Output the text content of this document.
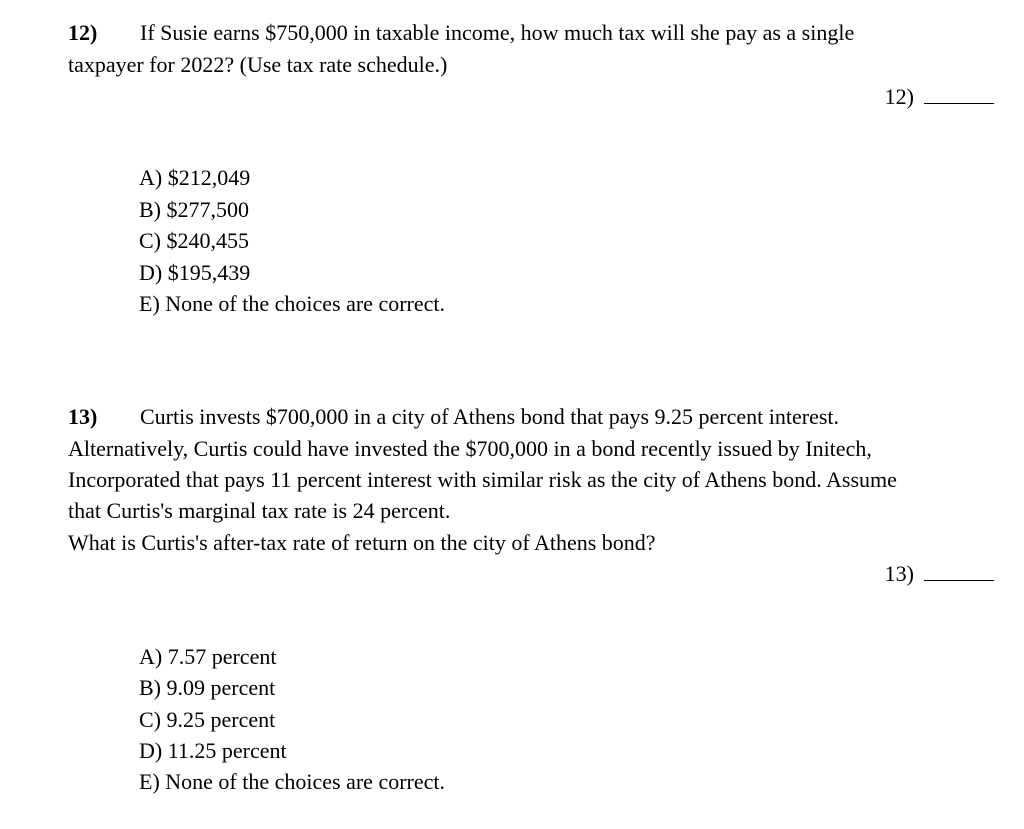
12) If Susie earns $750,000 in taxable income, how much tax will she pay as a single
taxpayer for 2022? (Use tax rate schedule.)
12)
A) $212,049
B) $277,500
C) $240,455
D) $195,439
E) None of the choices are correct.
13) Curtis invests $700,000 in a city of Athens bond that pays 9.25 percent interest.
Alternatively, Curtis could have invested the $700,000 in a bond recently issued by Initech,
Incorporated that pays 11 percent interest with similar risk as the city of Athens bond. Assume
that Curtis's marginal tax rate is 24 percent.
What is Curtis's after-tax rate of return on the city of Athens bond?
13)
A) 7.57 percent
B) 9.09 percent
C) 9.25 percent
D) 11.25 percent
E) None of the choices are correct.
